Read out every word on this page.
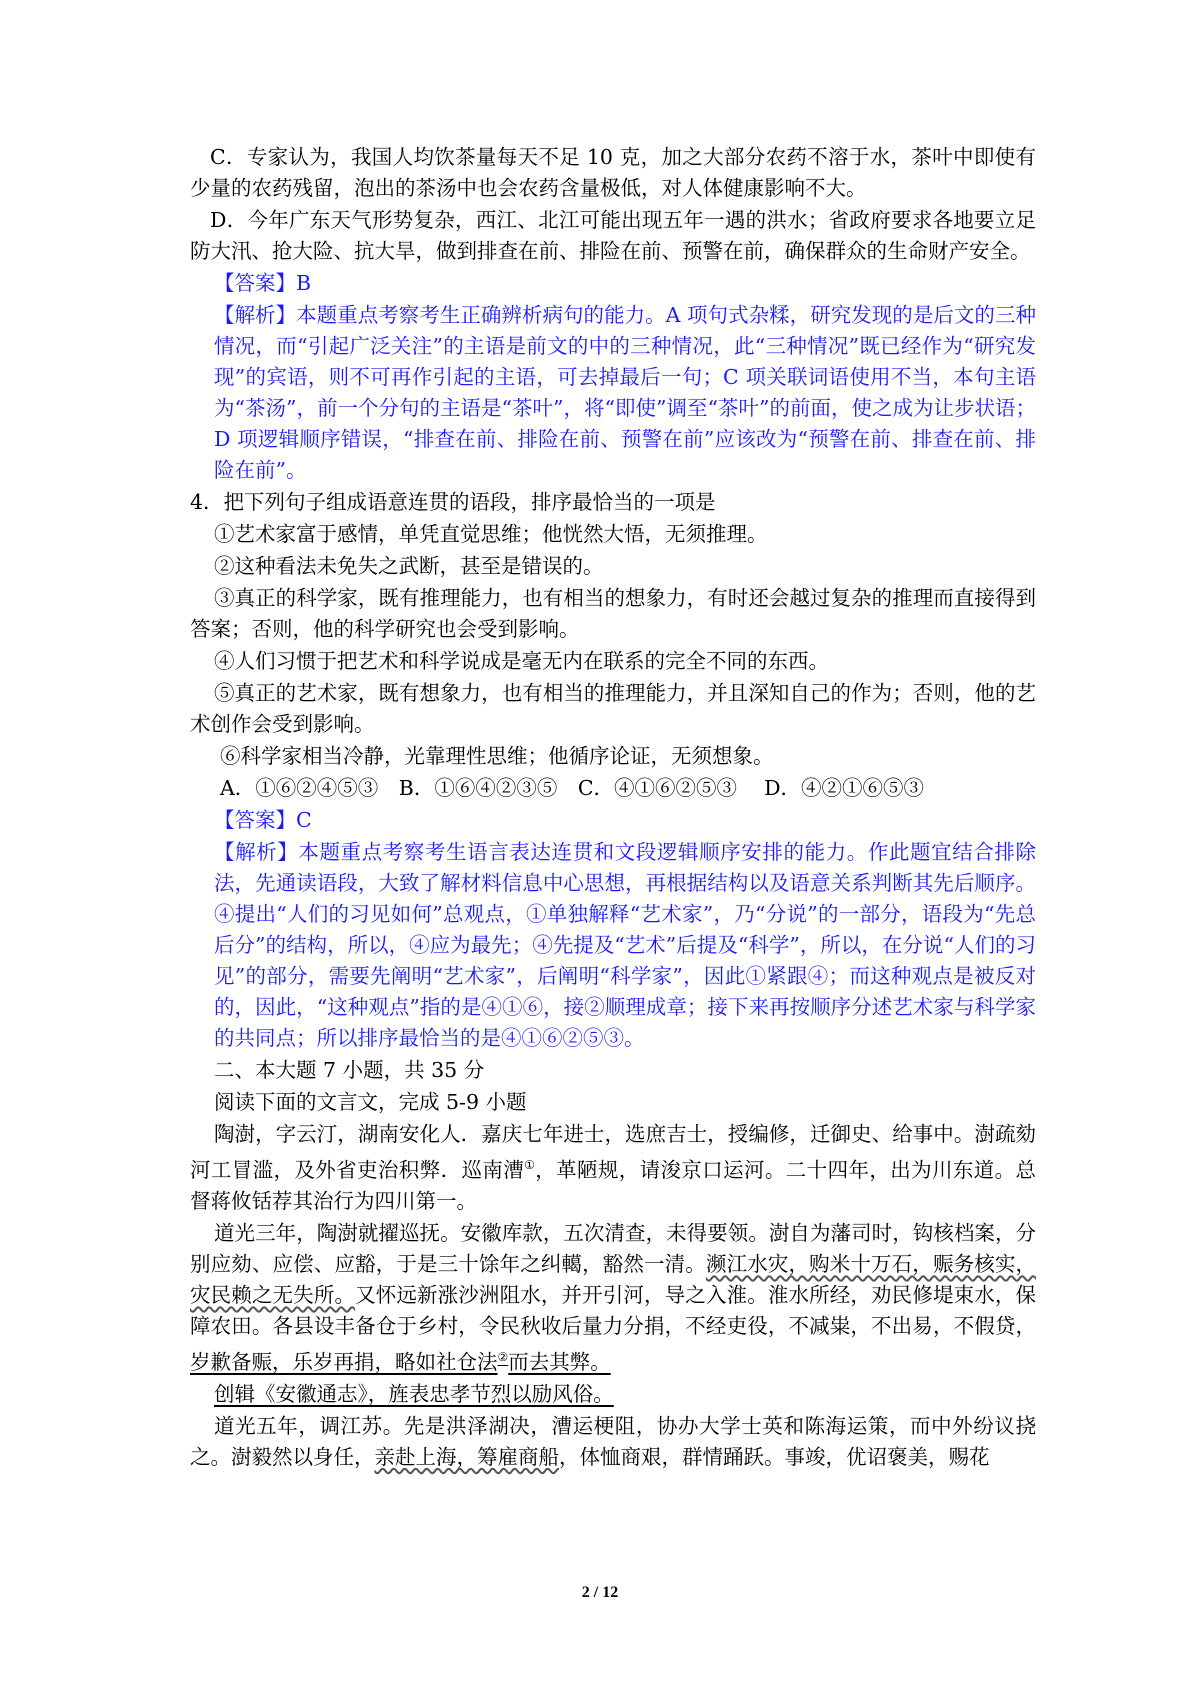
C．专家认为，我国人均饮茶量每天不足 10 克，加之大部分农药不溶于水，茶叶中即使有少量的农药残留，泡出的茶汤中也会农药含量极低，对人体健康影响不大。

D．今年广东天气形势复杂，西江、北江可能出现五年一遇的洪水；省政府要求各地要立足防大汛、抢大险、抗大旱，做到排查在前、排险在前、预警在前，确保群众的生命财产安全。

【答案】B

【解析】本题重点考察考生正确辨析病句的能力。A 项句式杂糅，研究发现的是后文的三种情况，而“引起广泛关注”的主语是前文的中的三种情况，此“三种情况”既已经作为“研究发现”的宾语，则不可再作引起的主语，可去掉最后一句；C 项关联词语使用不当，本句主语为“茶汤”，前一个分句的主语是“茶叶”，将“即使”调至“茶叶”的前面，使之成为让步状语；D 项逻辑顺序错误，“排查在前、排险在前、预警在前”应该改为“预警在前、排查在前、排险在前”。

4．把下列句子组成语意连贯的语段，排序最恰当的一项是

①艺术家富于感情，单凭直觉思维；他恍然大悟，无须推理。

②这种看法未免失之武断，甚至是错误的。

③真正的科学家，既有推理能力，也有相当的想象力，有时还会越过复杂的推理而直接得到答案；否则，他的科学研究也会受到影响。

④人们习惯于把艺术和科学说成是毫无内在联系的完全不同的东西。

⑤真正的艺术家，既有想象力，也有相当的推理能力，并且深知自己的作为；否则，他的艺术创作会受到影响。

⑥科学家相当冷静，光靠理性思维；他循序论证，无须想象。

A．①⑥②④⑤③　B．①⑥④②③⑤　C．④①⑥②⑤③　 D．④②①⑥⑤③

【答案】C

【解析】本题重点考察考生语言表达连贯和文段逻辑顺序安排的能力。作此题宜结合排除法，先通读语段，大致了解材料信息中心思想，再根据结构以及语意关系判断其先后顺序。④提出“人们的习见如何”总观点，①单独解释“艺术家”，乃“分说”的一部分，语段为“先总后分”的结构，所以，④应为最先；④先提及“艺术”后提及“科学”，所以，在分说“人们的习见”的部分，需要先阐明“艺术家”，后阐明“科学家”，因此①紧跟④；而这种观点是被反对的，因此，“这种观点”指的是④①⑥，接②顺理成章；接下来再按顺序分述艺术家与科学家的共同点；所以排序最恰当的是④①⑥②⑤③。

二、本大题 7 小题，共 35 分

阅读下面的文言文，完成 5-9 小题

陶澍，字云汀，湖南安化人．嘉庆七年进士，选庶吉士，授编修，迁御史、给事中。澍疏劾河工冒滥，及外省吏治积弊．巡南漕①，革陋规，请浚京口运河。二十四年，出为川东道。总督蒋攸铦荐其治行为四川第一。

道光三年，陶澍就擢巡抚。安徽库款，五次清查，未得要领。澍自为藩司时，钩核档案，分别应劾、应偿、应豁，于是三十馀年之纠轕，豁然一清。濒江水灾，购米十万石，赈务核实，灾民赖之无失所。又怀远新涨沙洲阻水，并开引河，导之入淮。淮水所经，劝民修堤束水，保障农田。各县设丰备仓于乡村，令民秋收后量力分捐，不经吏役，不减粜，不出易，不假贷，岁歉备赈，乐岁再捐，略如社仓法②而去其弊。

创辑《安徽通志》，旌表忠孝节烈以励风俗。

道光五年，调江苏。先是洪泽湖决，漕运梗阻，协办大学士英和陈海运策，而中外纷议挠之。澍毅然以身任，亲赴上海，筹雇商船，体恤商艰，群情踊跃。事竣，优诏褒美，赐花

2 / 12
